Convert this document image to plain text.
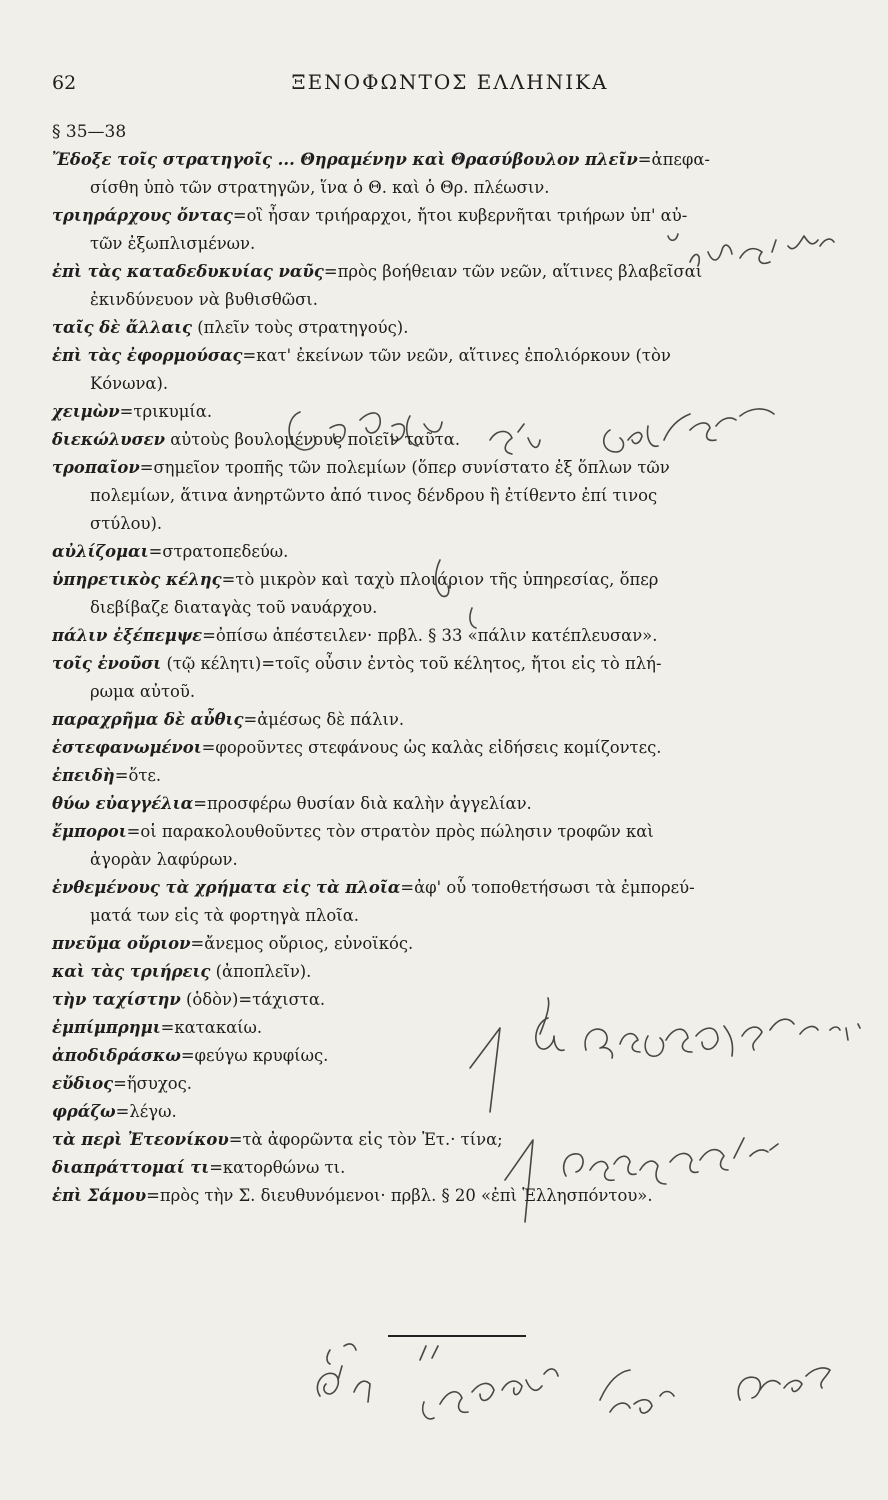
62	ΞΕΝΟΦΩΝΤΟΣ ΕΛΛΗΝΙΚΑ
§ 35—38
Ἔδοξε τοῖς στρατηγοῖς ... Θηραμένην καὶ Θρασύβουλον πλεῖν=ἀπεφα-
σίσθη ὑπὸ τῶν στρατηγῶν, ἵνα ὁ Θ. καὶ ὁ Θρ. πλέωσιν.
τριηράρχους ὄντας=οἳ ἦσαν τριήραρχοι, ἤτοι κυβερνῆται τριήρων ὑπ' αὐ-
τῶν ἐξωπλισμένων.
ἐπὶ τὰς καταδεδυκυίας ναῦς=πρὸς βοήθειαν τῶν νεῶν, αἵτινες βλαβεῖσαι
ἐκινδύνευον νὰ βυθισθῶσι.
ταῖς δὲ ἄλλαις (πλεῖν τοὺς στρατηγούς).
ἐπὶ τὰς ἐφορμούσας=κατ' ἐκείνων τῶν νεῶν, αἵτινες ἐπολιόρκουν (τὸν
Κόνωνα).
χειμὼν=τρικυμία.
διεκώλυσεν αὐτοὺς βουλομένους ποιεῖν ταῦτα.
τροπαῖον=σημεῖον τροπῆς τῶν πολεμίων (ὅπερ συνίστατο ἐξ ὅπλων τῶν
πολεμίων, ἅτινα ἀνηρτῶντο ἀπό τινος δένδρου ἢ ἐτίθεντο ἐπί τινος
στύλου).
αὐλίζομαι=στρατοπεδεύω.
ὑπηρετικὸς κέλης=τὸ μικρὸν καὶ ταχὺ πλοιάριον τῆς ὑπηρεσίας, ὅπερ
διεβίβαζε διαταγὰς τοῦ ναυάρχου.
πάλιν ἐξέπεμψε=ὀπίσω ἀπέστειλεν· πρβλ. § 33 «πάλιν κατέπλευσαν».
τοῖς ἐνοῦσι (τῷ κέλητι)=τοῖς οὖσιν ἐντὸς τοῦ κέλητος, ἤτοι εἰς τὸ πλή-
ρωμα αὐτοῦ.
παραχρῆμα δὲ αὖθις=ἀμέσως δὲ πάλιν.
ἐστεφανωμένοι=φοροῦντες στεφάνους ὡς καλὰς εἰδήσεις κομίζοντες.
ἐπειδὴ=ὅτε.
θύω εὐαγγέλια=προσφέρω θυσίαν διὰ καλὴν ἀγγελίαν.
ἔμποροι=οἱ παρακολουθοῦντες τὸν στρατὸν πρὸς πώλησιν τροφῶν καὶ
ἀγορὰν λαφύρων.
ἐνθεμένους τὰ χρήματα εἰς τὰ πλοῖα=ἀφ' οὗ τοποθετήσωσι τὰ ἐμπορεύ-
ματά των εἰς τὰ φορτηγὰ πλοῖα.
πνεῦμα οὔριον=ἄνεμος οὔριος, εὐνοϊκός.
καὶ τὰς τριήρεις (ἀποπλεῖν).
τὴν ταχίστην (ὁδὸν)=τάχιστα.
ἐμπίμπρημι=κατακαίω.
ἀποδιδράσκω=φεύγω κρυφίως.
εὔδιος=ἥσυχος.
φράζω=λέγω.
τὰ περὶ Ἐτεονίκου=τὰ ἀφορῶντα εἰς τὸν Ἐτ.· τίνα;
διαπράττομαί τι=κατορθώνω τι.
ἐπὶ Σάμου=πρὸς τὴν Σ. διευθυνόμενοι· πρβλ. § 20 «ἐπὶ Ἑλλησπόντου».
